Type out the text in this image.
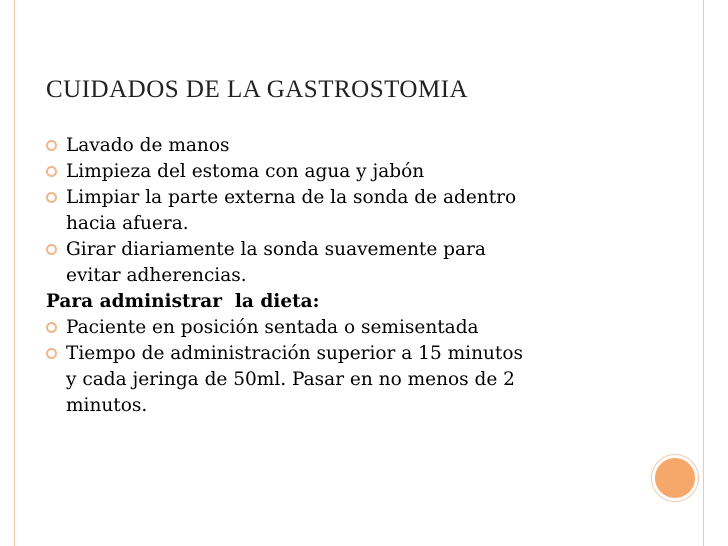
CUIDADOS DE LA GASTROSTOMIA
Lavado de manos
Limpieza del estoma con agua y jabón
Limpiar la parte externa de la sonda de adentro
hacia afuera.
Girar diariamente la sonda suavemente para
evitar adherencias.
Para administrar  la dieta:
Paciente en posición sentada o semisentada
Tiempo de administración superior a 15 minutos
y cada jeringa de 50ml. Pasar en no menos de 2
minutos.
